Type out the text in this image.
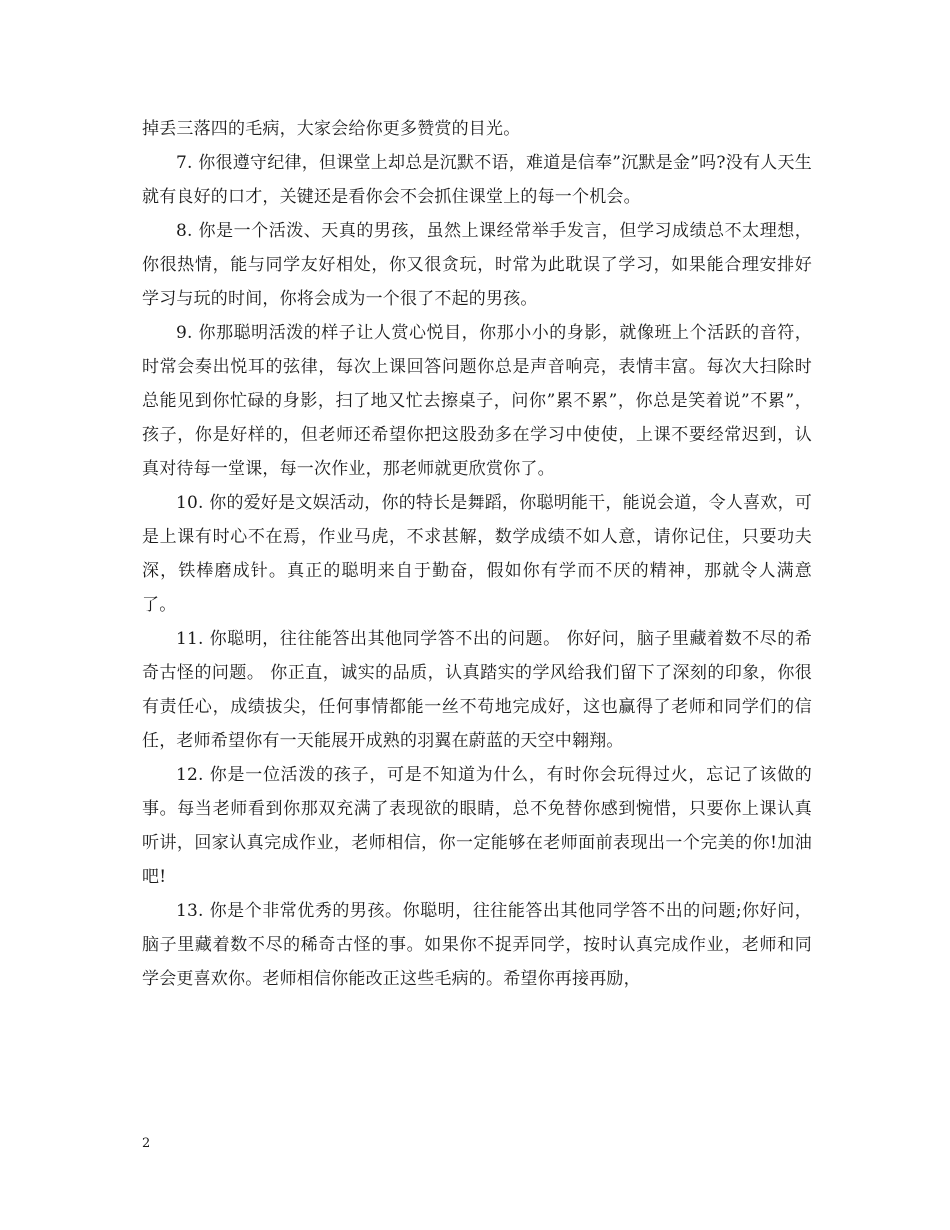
掉丢三落四的毛病，大家会给你更多赞赏的目光。

7. 你很遵守纪律，但课堂上却总是沉默不语，难道是信奉”沉默是金”吗?没有人天生就有良好的口才，关键还是看你会不会抓住课堂上的每一个机会。

8. 你是一个活泼、天真的男孩，虽然上课经常举手发言，但学习成绩总不太理想，你很热情，能与同学友好相处，你又很贪玩，时常为此耽误了学习，如果能合理安排好学习与玩的时间，你将会成为一个很了不起的男孩。

9. 你那聪明活泼的样子让人赏心悦目，你那小小的身影，就像班上个活跃的音符，时常会奏出悦耳的弦律，每次上课回答问题你总是声音响亮，表情丰富。每次大扫除时总能见到你忙碌的身影，扫了地又忙去擦桌子，问你”累不累”，你总是笑着说”不累”，孩子，你是好样的，但老师还希望你把这股劲多在学习中使使，上课不要经常迟到，认真对待每一堂课，每一次作业，那老师就更欣赏你了。

10. 你的爱好是文娱活动，你的特长是舞蹈，你聪明能干，能说会道，令人喜欢，可是上课有时心不在焉，作业马虎，不求甚解，数学成绩不如人意，请你记住，只要功夫深，铁棒磨成针。真正的聪明来自于勤奋，假如你有学而不厌的精神，那就令人满意了。

11. 你聪明，往往能答出其他同学答不出的问题。 你好问，脑子里藏着数不尽的希奇古怪的问题。 你正直，诚实的品质，认真踏实的学风给我们留下了深刻的印象，你很有责任心，成绩拔尖，任何事情都能一丝不苟地完成好，这也赢得了老师和同学们的信任，老师希望你有一天能展开成熟的羽翼在蔚蓝的天空中翱翔。

12. 你是一位活泼的孩子，可是不知道为什么，有时你会玩得过火，忘记了该做的事。每当老师看到你那双充满了表现欲的眼睛，总不免替你感到惋惜，只要你上课认真听讲，回家认真完成作业，老师相信，你一定能够在老师面前表现出一个完美的你!加油吧!

13. 你是个非常优秀的男孩。你聪明，往往能答出其他同学答不出的问题;你好问，脑子里藏着数不尽的稀奇古怪的事。如果你不捉弄同学，按时认真完成作业，老师和同学会更喜欢你。老师相信你能改正这些毛病的。希望你再接再励，

2
